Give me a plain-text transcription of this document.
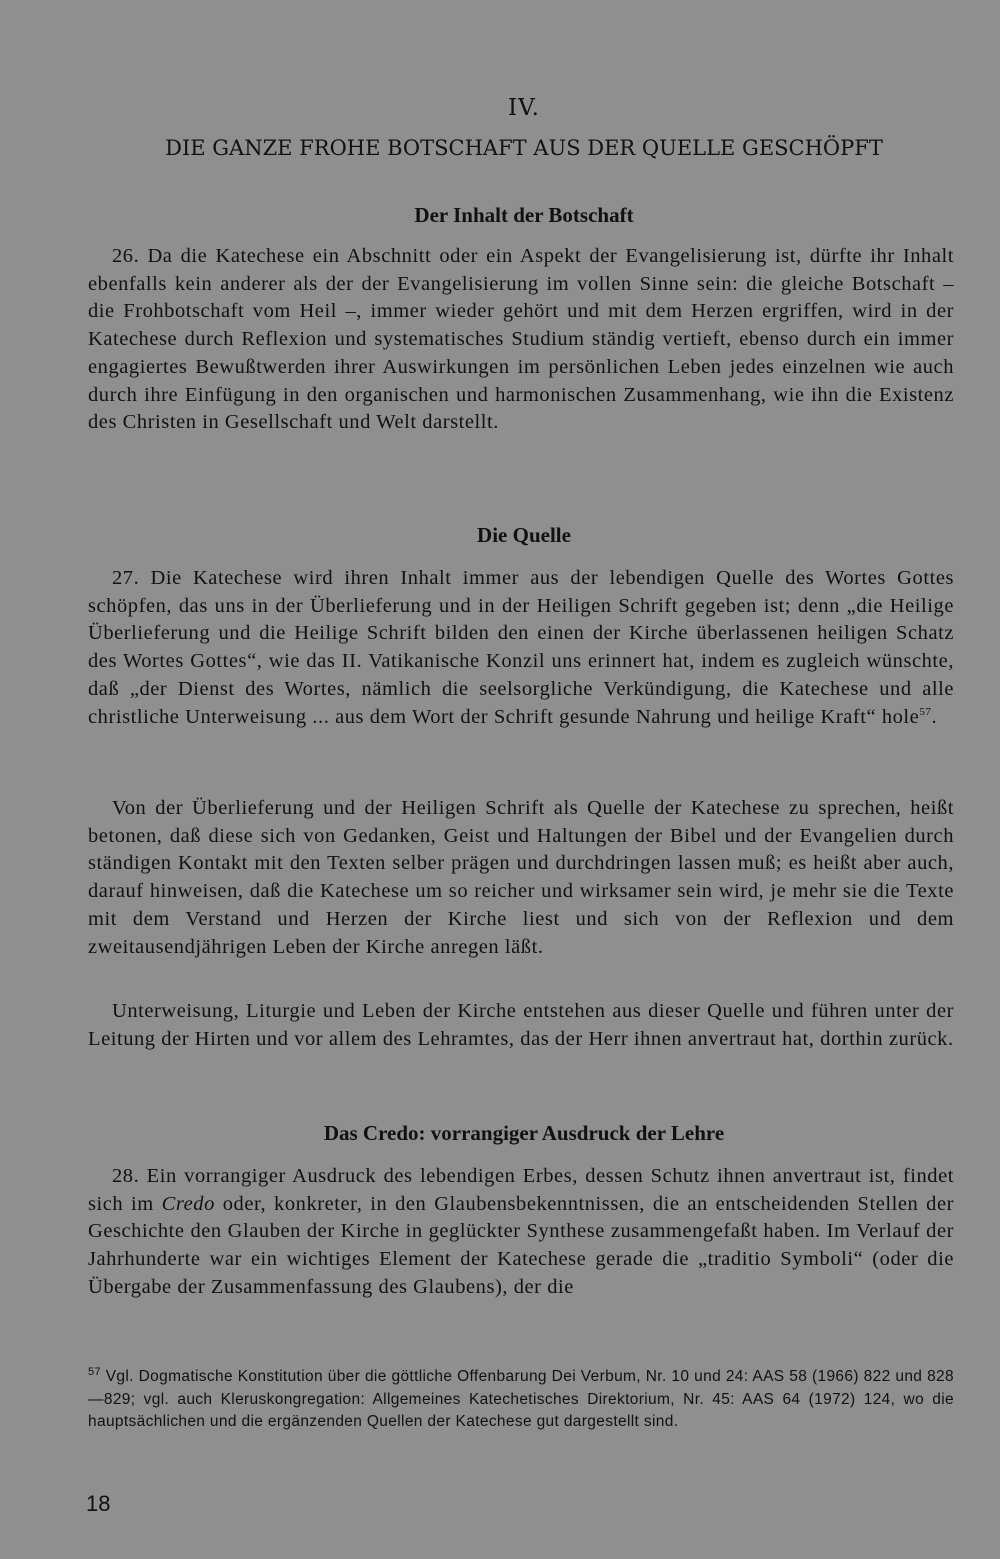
IV.
DIE GANZE FROHE BOTSCHAFT AUS DER QUELLE GESCHÖPFT
Der Inhalt der Botschaft
26. Da die Katechese ein Abschnitt oder ein Aspekt der Evangelisierung ist, dürfte ihr Inhalt ebenfalls kein anderer als der der Evangelisierung im vollen Sinne sein: die gleiche Botschaft – die Frohbotschaft vom Heil –, immer wieder gehört und mit dem Herzen ergriffen, wird in der Katechese durch Reflexion und systematisches Studium ständig vertieft, ebenso durch ein immer engagiertes Bewußtwerden ihrer Auswirkungen im persönlichen Leben jedes einzelnen wie auch durch ihre Einfügung in den organischen und harmonischen Zusammenhang, wie ihn die Existenz des Christen in Gesellschaft und Welt darstellt.
Die Quelle
27. Die Katechese wird ihren Inhalt immer aus der lebendigen Quelle des Wortes Gottes schöpfen, das uns in der Überlieferung und in der Heiligen Schrift gegeben ist; denn „die Heilige Überlieferung und die Heilige Schrift bilden den einen der Kirche überlassenen heiligen Schatz des Wortes Gottes“, wie das II. Vatikanische Konzil uns erinnert hat, indem es zugleich wünschte, daß „der Dienst des Wortes, nämlich die seelsorgliche Verkündigung, die Katechese und alle christliche Unterweisung ... aus dem Wort der Schrift gesunde Nahrung und heilige Kraft“ hole$^{57}$.
Von der Überlieferung und der Heiligen Schrift als Quelle der Katechese zu sprechen, heißt betonen, daß diese sich von Gedanken, Geist und Haltungen der Bibel und der Evangelien durch ständigen Kontakt mit den Texten selber prägen und durchdringen lassen muß; es heißt aber auch, darauf hinweisen, daß die Katechese um so reicher und wirksamer sein wird, je mehr sie die Texte mit dem Verstand und Herzen der Kirche liest und sich von der Reflexion und dem zweitausendjährigen Leben der Kirche anregen läßt.
Unterweisung, Liturgie und Leben der Kirche entstehen aus dieser Quelle und führen unter der Leitung der Hirten und vor allem des Lehramtes, das der Herr ihnen anvertraut hat, dorthin zurück.
Das Credo: vorrangiger Ausdruck der Lehre
28. Ein vorrangiger Ausdruck des lebendigen Erbes, dessen Schutz ihnen anvertraut ist, findet sich im Credo oder, konkreter, in den Glaubensbekenntnissen, die an entscheidenden Stellen der Geschichte den Glauben der Kirche in geglückter Synthese zusammengefaßt haben. Im Verlauf der Jahrhunderte war ein wichtiges Element der Katechese gerade die „traditio Symboli“ (oder die Übergabe der Zusammenfassung des Glaubens), der die
$^{57}$ Vgl. Dogmatische Konstitution über die göttliche Offenbarung Dei Verbum, Nr. 10 und 24: AAS 58 (1966) 822 und 828—829; vgl. auch Kleruskongregation: Allgemeines Katechetisches Direktorium, Nr. 45: AAS 64 (1972) 124, wo die hauptsächlichen und die ergänzenden Quellen der Katechese gut dargestellt sind.
18
